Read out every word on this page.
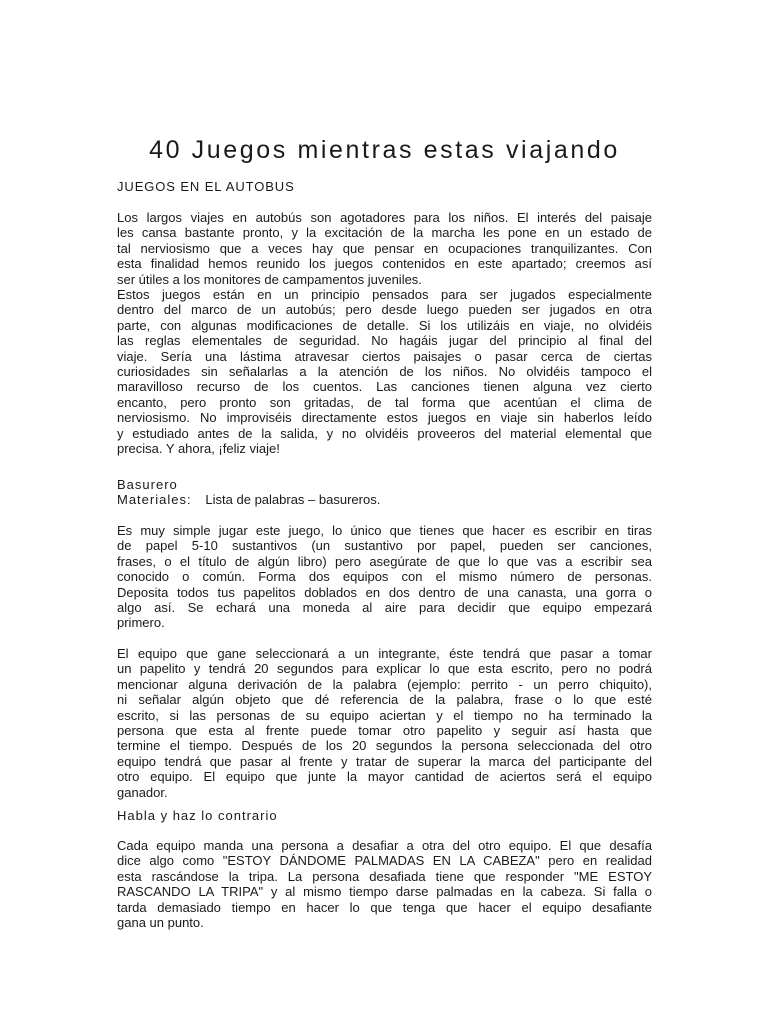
40 Juegos mientras estas viajando
JUEGOS EN EL AUTOBUS
Los largos viajes en autobús son agotadores para los niños. El interés del paisaje
les cansa bastante pronto, y la excitación de la marcha les pone en un estado de
tal nerviosismo que a veces hay que pensar en ocupaciones tranquilizantes. Con
esta finalidad hemos reunido los juegos contenidos en este apartado; creemos así
ser útiles a los monitores de campamentos juveniles.
Estos juegos están en un principio pensados para ser jugados especialmente
dentro del marco de un autobús; pero desde luego pueden ser jugados en otra
parte, con algunas modificaciones de detalle. Si los utilizáis en viaje, no olvidéis
las reglas elementales de seguridad. No hagáis jugar del principio al final del
viaje. Sería una lástima atravesar ciertos paisajes o pasar cerca de ciertas
curiosidades sin señalarlas a la atención de los niños. No olvidéis tampoco el
maravilloso recurso de los cuentos. Las canciones tienen alguna vez cierto
encanto, pero pronto son gritadas, de tal forma que acentúan el clima de
nerviosismo. No improviséis directamente estos juegos en viaje sin haberlos leído
y estudiado antes de la salida, y no olvidéis proveeros del material elemental que
precisa. Y ahora, ¡feliz viaje!
Basurero
Materiales: Lista de palabras – basureros.
Es muy simple jugar este juego, lo único que tienes que hacer es escribir en tiras
de papel 5-10 sustantivos (un sustantivo por papel, pueden ser canciones,
frases, o el título de algún libro) pero asegúrate de que lo que vas a escribir sea
conocido o común. Forma dos equipos con el mismo número de personas.
Deposita todos tus papelitos doblados en dos dentro de una canasta, una gorra o
algo así. Se echará una moneda al aire para decidir que equipo empezará
primero.
El equipo que gane seleccionará a un integrante, éste tendrá que pasar a tomar
un papelito y tendrá 20 segundos para explicar lo que esta escrito, pero no podrá
mencionar alguna derivación de la palabra (ejemplo: perrito - un perro chiquito),
ni señalar algún objeto que dé referencia de la palabra, frase o lo que esté
escrito, si las personas de su equipo aciertan y el tiempo no ha terminado la
persona que esta al frente puede tomar otro papelito y seguir así hasta que
termine el tiempo. Después de los 20 segundos la persona seleccionada del otro
equipo tendrá que pasar al frente y tratar de superar la marca del participante del
otro equipo. El equipo que junte la mayor cantidad de aciertos será el equipo
ganador.
Habla y haz lo contrario
Cada equipo manda una persona a desafiar a otra del otro equipo. El que desafía
dice algo como "ESTOY DÁNDOME PALMADAS EN LA CABEZA" pero en realidad
esta rascándose la tripa. La persona desafiada tiene que responder "ME ESTOY
RASCANDO LA TRIPA" y al mismo tiempo darse palmadas en la cabeza. Si falla o
tarda demasiado tiempo en hacer lo que tenga que hacer el equipo desafiante
gana un punto.
